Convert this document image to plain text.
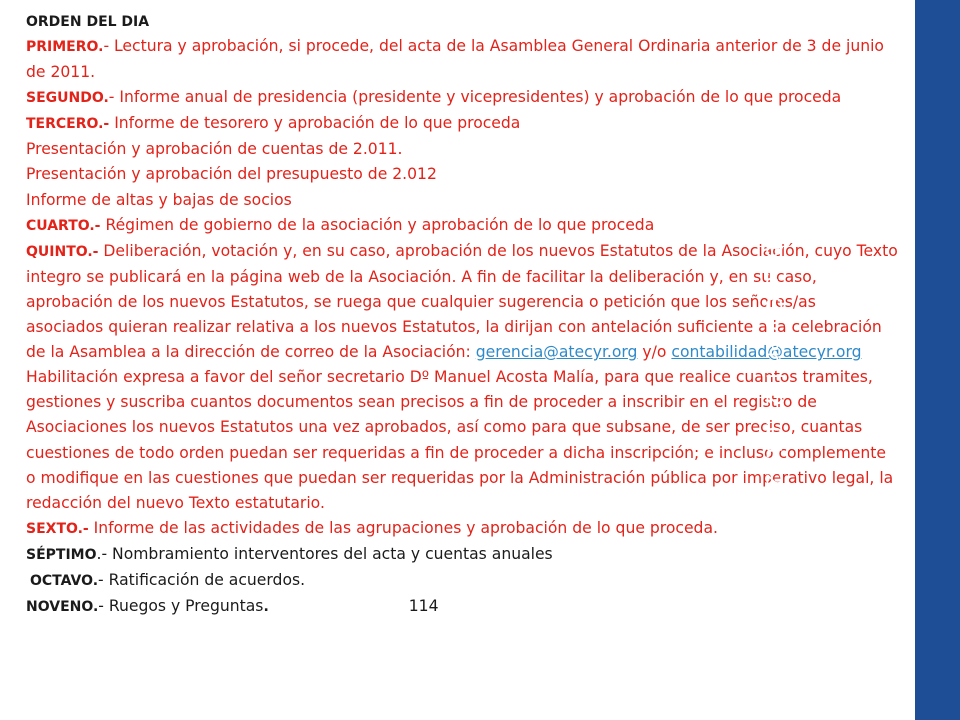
ORDEN DEL DIA

PRIMERO.- Lectura y aprobación, si procede, del acta de la Asamblea General Ordinaria anterior de 3 de junio de 2011.

SEGUNDO.- Informe anual de presidencia (presidente y vicepresidentes) y aprobación de lo que proceda

TERCERO.- Informe de tesorero y aprobación de lo que proceda

Presentación y aprobación de cuentas de 2.011.

Presentación y aprobación del presupuesto de 2.012

Informe de altas y bajas de socios

CUARTO.- Régimen de gobierno de la asociación y aprobación de lo que proceda

QUINTO.- Deliberación, votación y, en su caso, aprobación de los nuevos Estatutos de la Asociación, cuyo Texto integro se publicará en la página web de la Asociación. A fin de facilitar la deliberación y, en su caso, aprobación de los nuevos Estatutos, se ruega que cualquier sugerencia o petición que los señores/as asociados quieran realizar relativa a los nuevos Estatutos, la dirijan con antelación suficiente a la celebración de la Asamblea a la dirección de correo de la Asociación: gerencia@atecyr.org y/o contabilidad@atecyr.org

Habilitación expresa a favor del señor secretario Dº Manuel Acosta Malía, para que realice cuantos tramites, gestiones y suscriba cuantos documentos sean precisos a fin de proceder a inscribir en el registro de Asociaciones los nuevos Estatutos una vez aprobados, así como para que subsane, de ser preciso, cuantas cuestiones de todo orden puedan ser requeridas a fin de proceder a dicha inscripción; e incluso complemente o modifique en las cuestiones que puedan ser requeridas por la Administración pública por imperativo legal, la redacción del nuevo Texto estatutario.

SEXTO.- Informe de las actividades de las agrupaciones y aprobación de lo que proceda.

SÉPTIMO.- Nombramiento interventores del acta y cuentas anuales

OCTAVO.- Ratificación de acuerdos.

NOVENO.- Ruegos y Preguntas.	114

Asamblea General20.06.12
